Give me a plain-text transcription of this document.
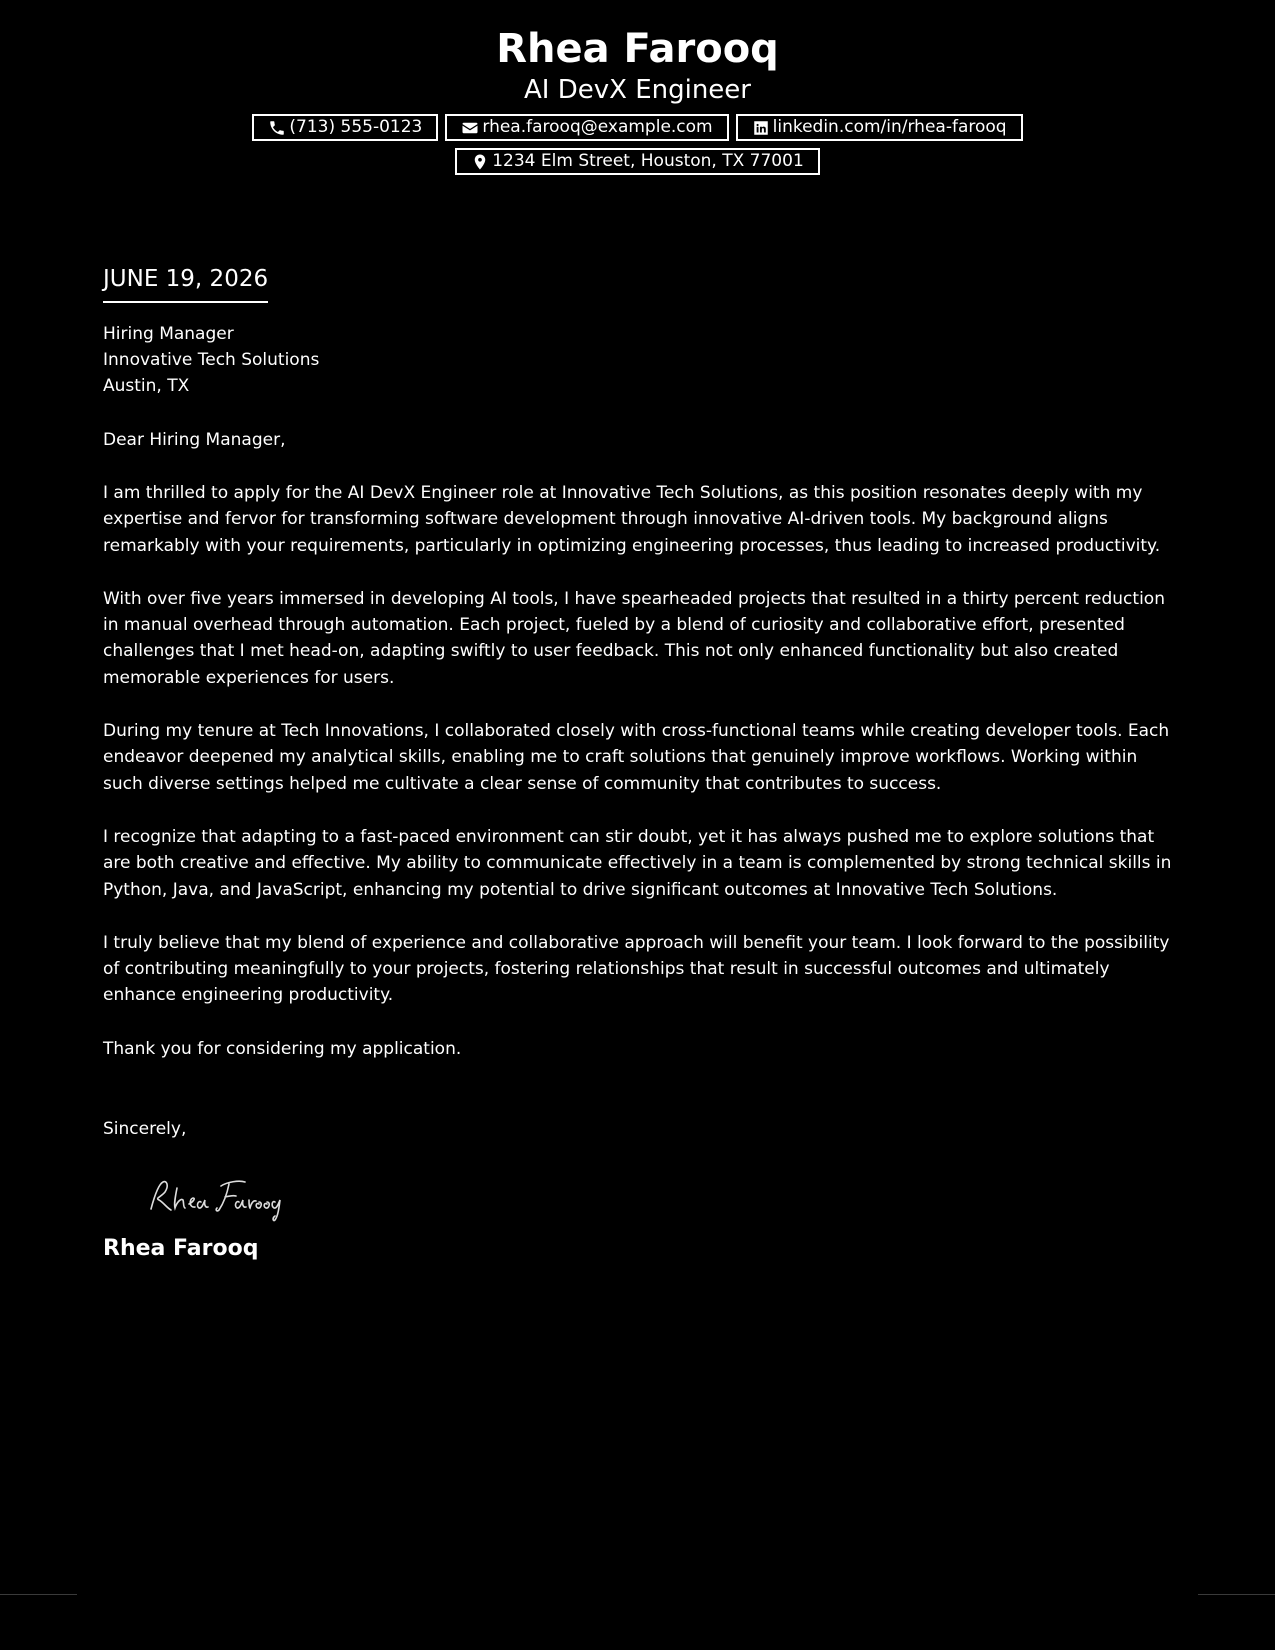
Rhea Farooq
AI DevX Engineer
(713) 555-0123	rhea.farooq@example.com	linkedin.com/in/rhea-farooq
1234 Elm Street, Houston, TX 77001
JUNE 19, 2026
Hiring Manager
Innovative Tech Solutions
Austin, TX
Dear Hiring Manager,
I am thrilled to apply for the AI DevX Engineer role at Innovative Tech Solutions, as this position resonates deeply with my expertise and fervor for transforming software development through innovative AI-driven tools. My background aligns remarkably with your requirements, particularly in optimizing engineering processes, thus leading to increased productivity.
With over five years immersed in developing AI tools, I have spearheaded projects that resulted in a thirty percent reduction in manual overhead through automation. Each project, fueled by a blend of curiosity and collaborative effort, presented challenges that I met head-on, adapting swiftly to user feedback. This not only enhanced functionality but also created memorable experiences for users.
During my tenure at Tech Innovations, I collaborated closely with cross-functional teams while creating developer tools. Each endeavor deepened my analytical skills, enabling me to craft solutions that genuinely improve workflows. Working within such diverse settings helped me cultivate a clear sense of community that contributes to success.
I recognize that adapting to a fast-paced environment can stir doubt, yet it has always pushed me to explore solutions that are both creative and effective. My ability to communicate effectively in a team is complemented by strong technical skills in Python, Java, and JavaScript, enhancing my potential to drive significant outcomes at Innovative Tech Solutions.
I truly believe that my blend of experience and collaborative approach will benefit your team. I look forward to the possibility of contributing meaningfully to your projects, fostering relationships that result in successful outcomes and ultimately enhance engineering productivity.
Thank you for considering my application.
Sincerely,
Rhea Farooq
